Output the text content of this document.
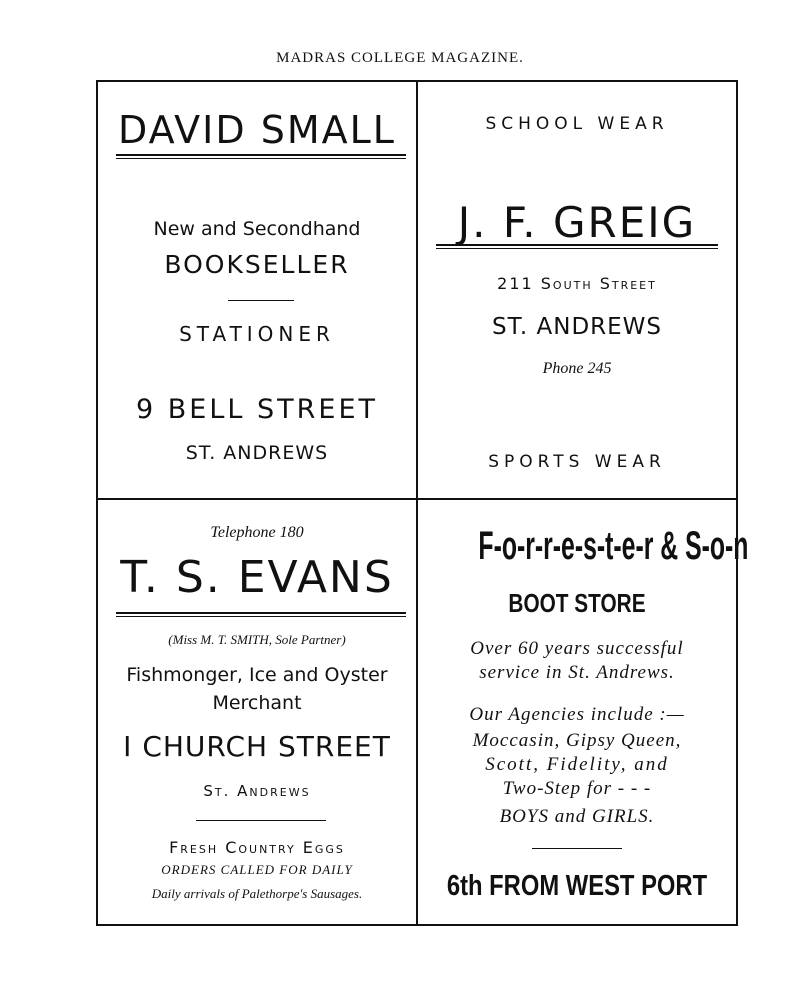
MADRAS COLLEGE MAGAZINE.
DAVID SMALL
New and Secondhand
BOOKSELLER
STATIONER
9 BELL STREET
ST. ANDREWS
SCHOOL WEAR
J. F. GREIG
211 South Street
ST. ANDREWS
Phone 245
SPORTS WEAR
Telephone 180
T. S. EVANS
(Miss M. T. SMITH, Sole Partner)
Fishmonger, Ice and Oyster
Merchant
I CHURCH STREET
St. Andrews
Fresh Country Eggs
ORDERS CALLED FOR DAILY
Daily arrivals of Palethorpe's Sausages.
F-o-r-r-e-s-t-e-r & S-o-n
BOOT STORE
Over 60 years successful
service in St. Andrews.
Our Agencies include :—
Moccasin, Gipsy Queen,
Scott, Fidelity, and
Two-Step for - - -
BOYS and GIRLS.
6th FROM WEST PORT
